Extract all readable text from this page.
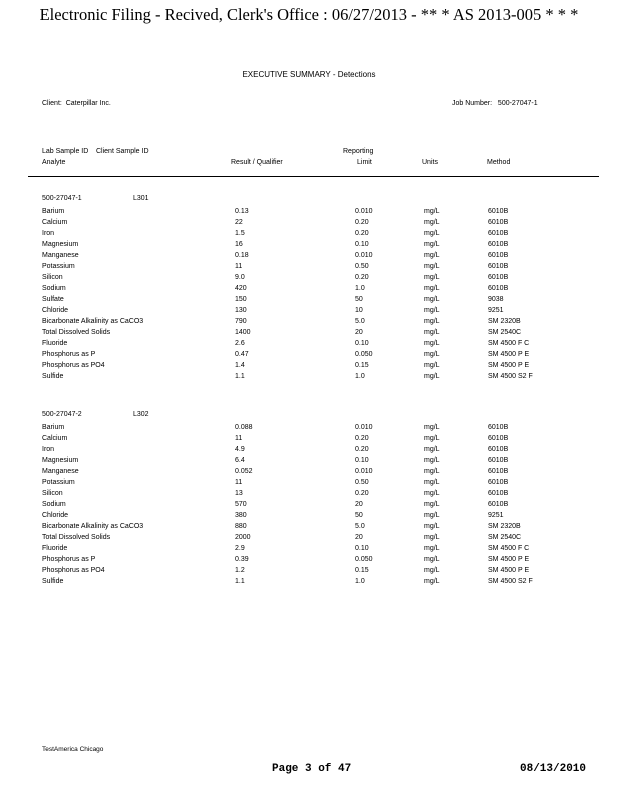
Electronic Filing - Recived, Clerk's Office : 06/27/2013 - ** * AS 2013-005 * * *
EXECUTIVE SUMMARY - Detections
Client: Caterpillar Inc.	Job Number: 500-27047-1
Lab Sample ID Client Sample ID	Reporting
Analyte	Result / Qualifier	Limit	Units	Method
500-27047-1	L301
Barium	0.13	0.010	mg/L	6010B
Calcium	22	0.20	mg/L	6010B
Iron	1.5	0.20	mg/L	6010B
Magnesium	16	0.10	mg/L	6010B
Manganese	0.18	0.010	mg/L	6010B
Potassium	11	0.50	mg/L	6010B
Silicon	9.0	0.20	mg/L	6010B
Sodium	420	1.0	mg/L	6010B
Sulfate	150	50	mg/L	9038
Chloride	130	10	mg/L	9251
Bicarbonate Alkalinity as CaCO3	790	5.0	mg/L	SM 2320B
Total Dissolved Solids	1400	20	mg/L	SM 2540C
Fluoride	2.6	0.10	mg/L	SM 4500 F C
Phosphorus as P	0.47	0.050	mg/L	SM 4500 P E
Phosphorus as PO4	1.4	0.15	mg/L	SM 4500 P E
Sulfide	1.1	1.0	mg/L	SM 4500 S2 F
500-27047-2	L302
Barium	0.088	0.010	mg/L	6010B
Calcium	11	0.20	mg/L	6010B
Iron	4.9	0.20	mg/L	6010B
Magnesium	6.4	0.10	mg/L	6010B
Manganese	0.052	0.010	mg/L	6010B
Potassium	11	0.50	mg/L	6010B
Silicon	13	0.20	mg/L	6010B
Sodium	570	20	mg/L	6010B
Chloride	380	50	mg/L	9251
Bicarbonate Alkalinity as CaCO3	880	5.0	mg/L	SM 2320B
Total Dissolved Solids	2000	20	mg/L	SM 2540C
Fluoride	2.9	0.10	mg/L	SM 4500 F C
Phosphorus as P	0.39	0.050	mg/L	SM 4500 P E
Phosphorus as PO4	1.2	0.15	mg/L	SM 4500 P E
Sulfide	1.1	1.0	mg/L	SM 4500 S2 F
TestAmerica Chicago
Page 3 of 47	08/13/2010
